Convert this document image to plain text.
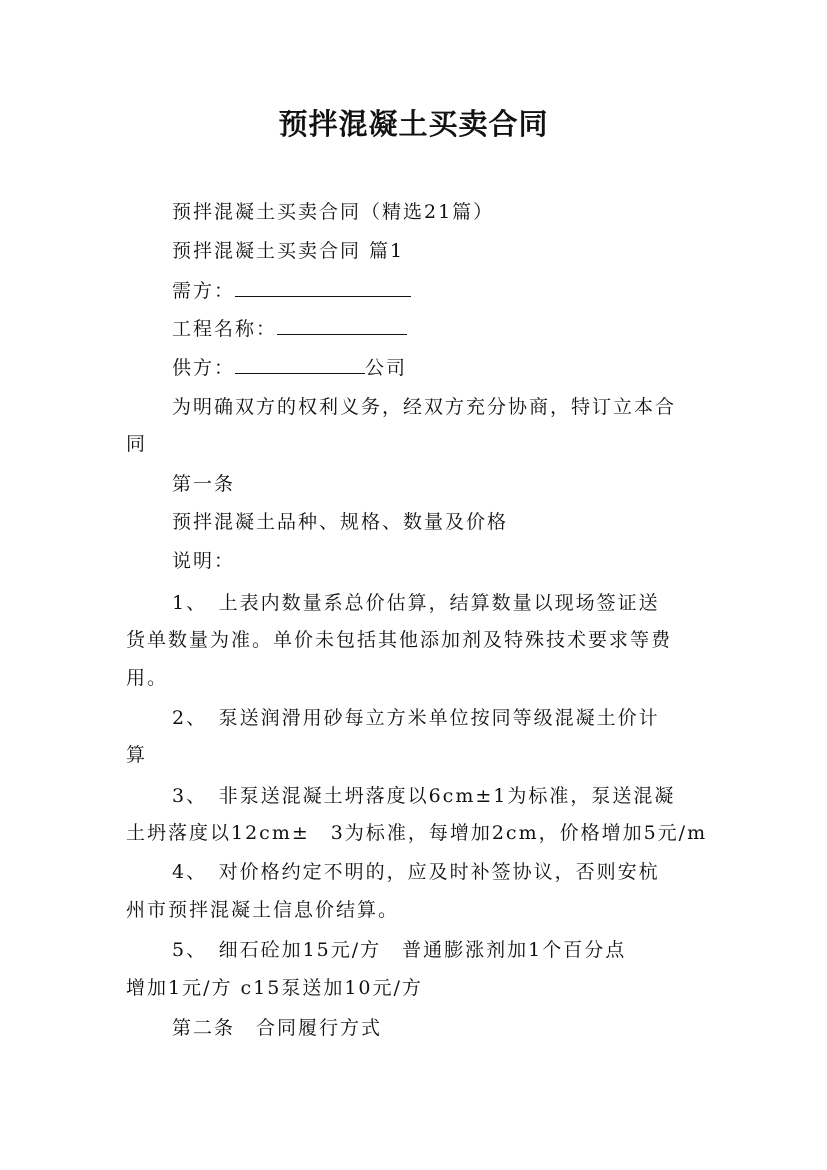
预拌混凝土买卖合同
预拌混凝土买卖合同（精选21篇）
预拌混凝土买卖合同 篇1
需方：
工程名称：
供方：	公司
为明确双方的权利义务，经双方充分协商，特订立本合
同
第一条
预拌混凝土品种、规格、数量及价格
说明：
1、　上表内数量系总价估算，结算数量以现场签证送
货单数量为准。单价未包括其他添加剂及特殊技术要求等费
用。
2、　泵送润滑用砂每立方米单位按同等级混凝土价计
算
3、　非泵送混凝土坍落度以6cm±1为标准，泵送混凝
土坍落度以12cm±　3为标准，每增加2cm，价格增加5元/m
4、　对价格约定不明的，应及时补签协议，否则安杭
州市预拌混凝土信息价结算。
5、　细石砼加15元/方　普通膨涨剂加1个百分点
增加1元/方 c15泵送加10元/方
第二条　合同履行方式
